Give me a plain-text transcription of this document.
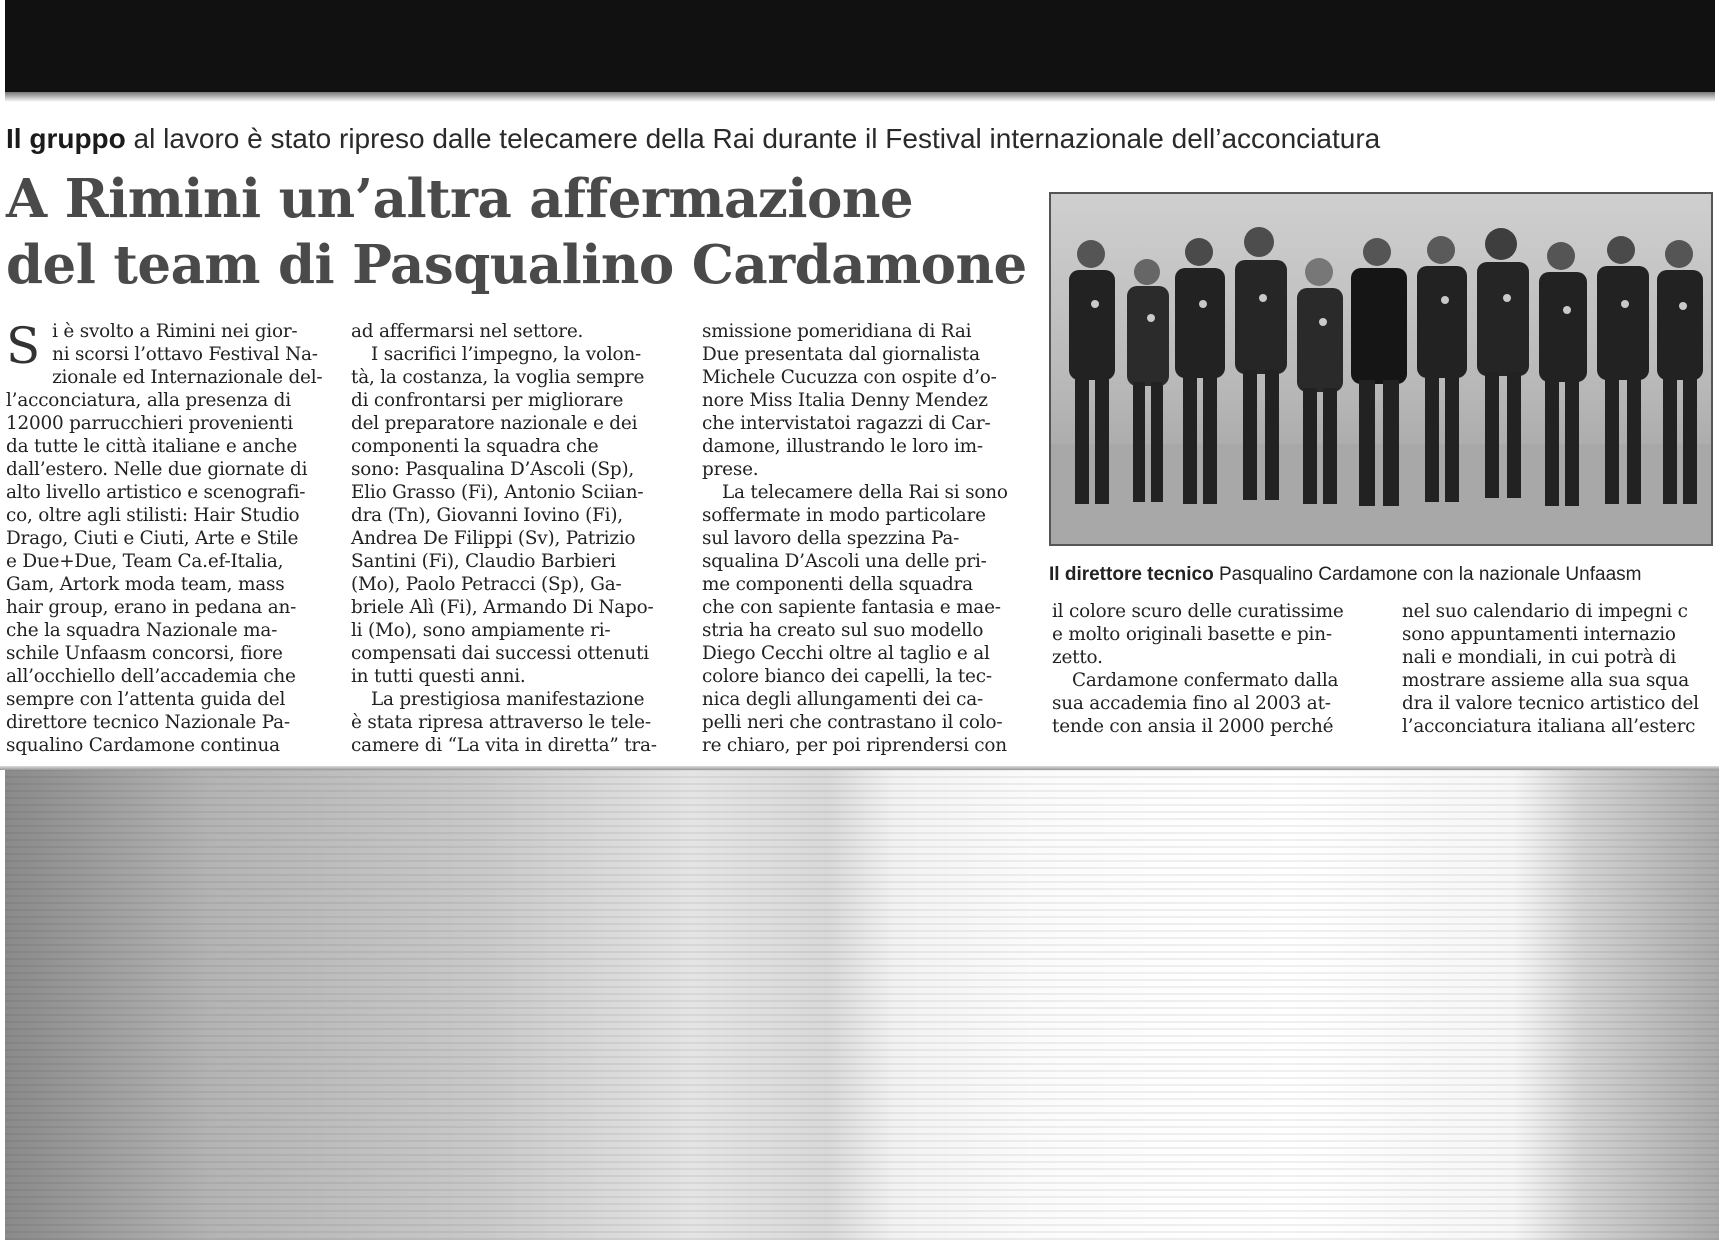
Il gruppo al lavoro è stato ripreso dalle telecamere della Rai durante il Festival internazionale dell’acconciatura
A Rimini un’altra affermazione
del team di Pasqualino Cardamone
S i è svolto a Rimini nei gior-

ni scorsi l’ottavo Festival Na-

zionale ed Internazionale del-

l’acconciatura, alla presenza di

12000 parrucchieri provenienti

da tutte le città italiane e anche

dall’estero. Nelle due giornate di

alto livello artistico e scenografi-

co, oltre agli stilisti: Hair Studio

Drago, Ciuti e Ciuti, Arte e Stile

e Due+Due, Team Ca.ef-Italia,

Gam, Artork moda team, mass

hair group, erano in pedana an-

che la squadra Nazionale ma-

schile Unfaasm concorsi, fiore

all’occhiello dell’accademia che

sempre con l’attenta guida del

direttore tecnico Nazionale Pa-

squalino Cardamone continua

ad affermarsi nel settore.

I sacrifici l’impegno, la volon-

tà, la costanza, la voglia sempre

di confrontarsi per migliorare

del preparatore nazionale e dei

componenti la squadra che

sono: Pasqualina D’Ascoli (Sp),

Elio Grasso (Fi), Antonio Sciian-

dra (Tn), Giovanni Iovino (Fi),

Andrea De Filippi (Sv), Patrizio

Santini (Fi), Claudio Barbieri

(Mo), Paolo Petracci (Sp), Ga-

briele Alì (Fi), Armando Di Napo-

li (Mo), sono ampiamente ri-

compensati dai successi ottenuti

in tutti questi anni.

La prestigiosa manifestazione

è stata ripresa attraverso le tele-

camere di “La vita in diretta” tra-

smissione pomeridiana di Rai

Due presentata dal giornalista

Michele Cucuzza con ospite d’o-

nore Miss Italia Denny Mendez

che intervistatoi ragazzi di Car-

damone, illustrando le loro im-

prese.

La telecamere della Rai si sono

soffermate in modo particolare

sul lavoro della spezzina Pa-

squalina D’Ascoli una delle pri-

me componenti della squadra

che con sapiente fantasia e mae-

stria ha creato sul suo modello

Diego Cecchi oltre al taglio e al

colore bianco dei capelli, la tec-

nica degli allungamenti dei ca-

pelli neri che contrastano il colo-

re chiaro, per poi riprendersi con

Il direttore tecnico Pasqualino Cardamone con la nazionale Unfaasm

il colore scuro delle curatissime

e molto originali basette e pin-

zetto.

Cardamone confermato dalla

sua accademia fino al 2003 at-

tende con ansia il 2000 perché

nel suo calendario di impegni c

sono appuntamenti internazio

nali e mondiali, in cui potrà di

mostrare assieme alla sua squa

dra il valore tecnico artistico del

l’acconciatura italiana all’esterc
